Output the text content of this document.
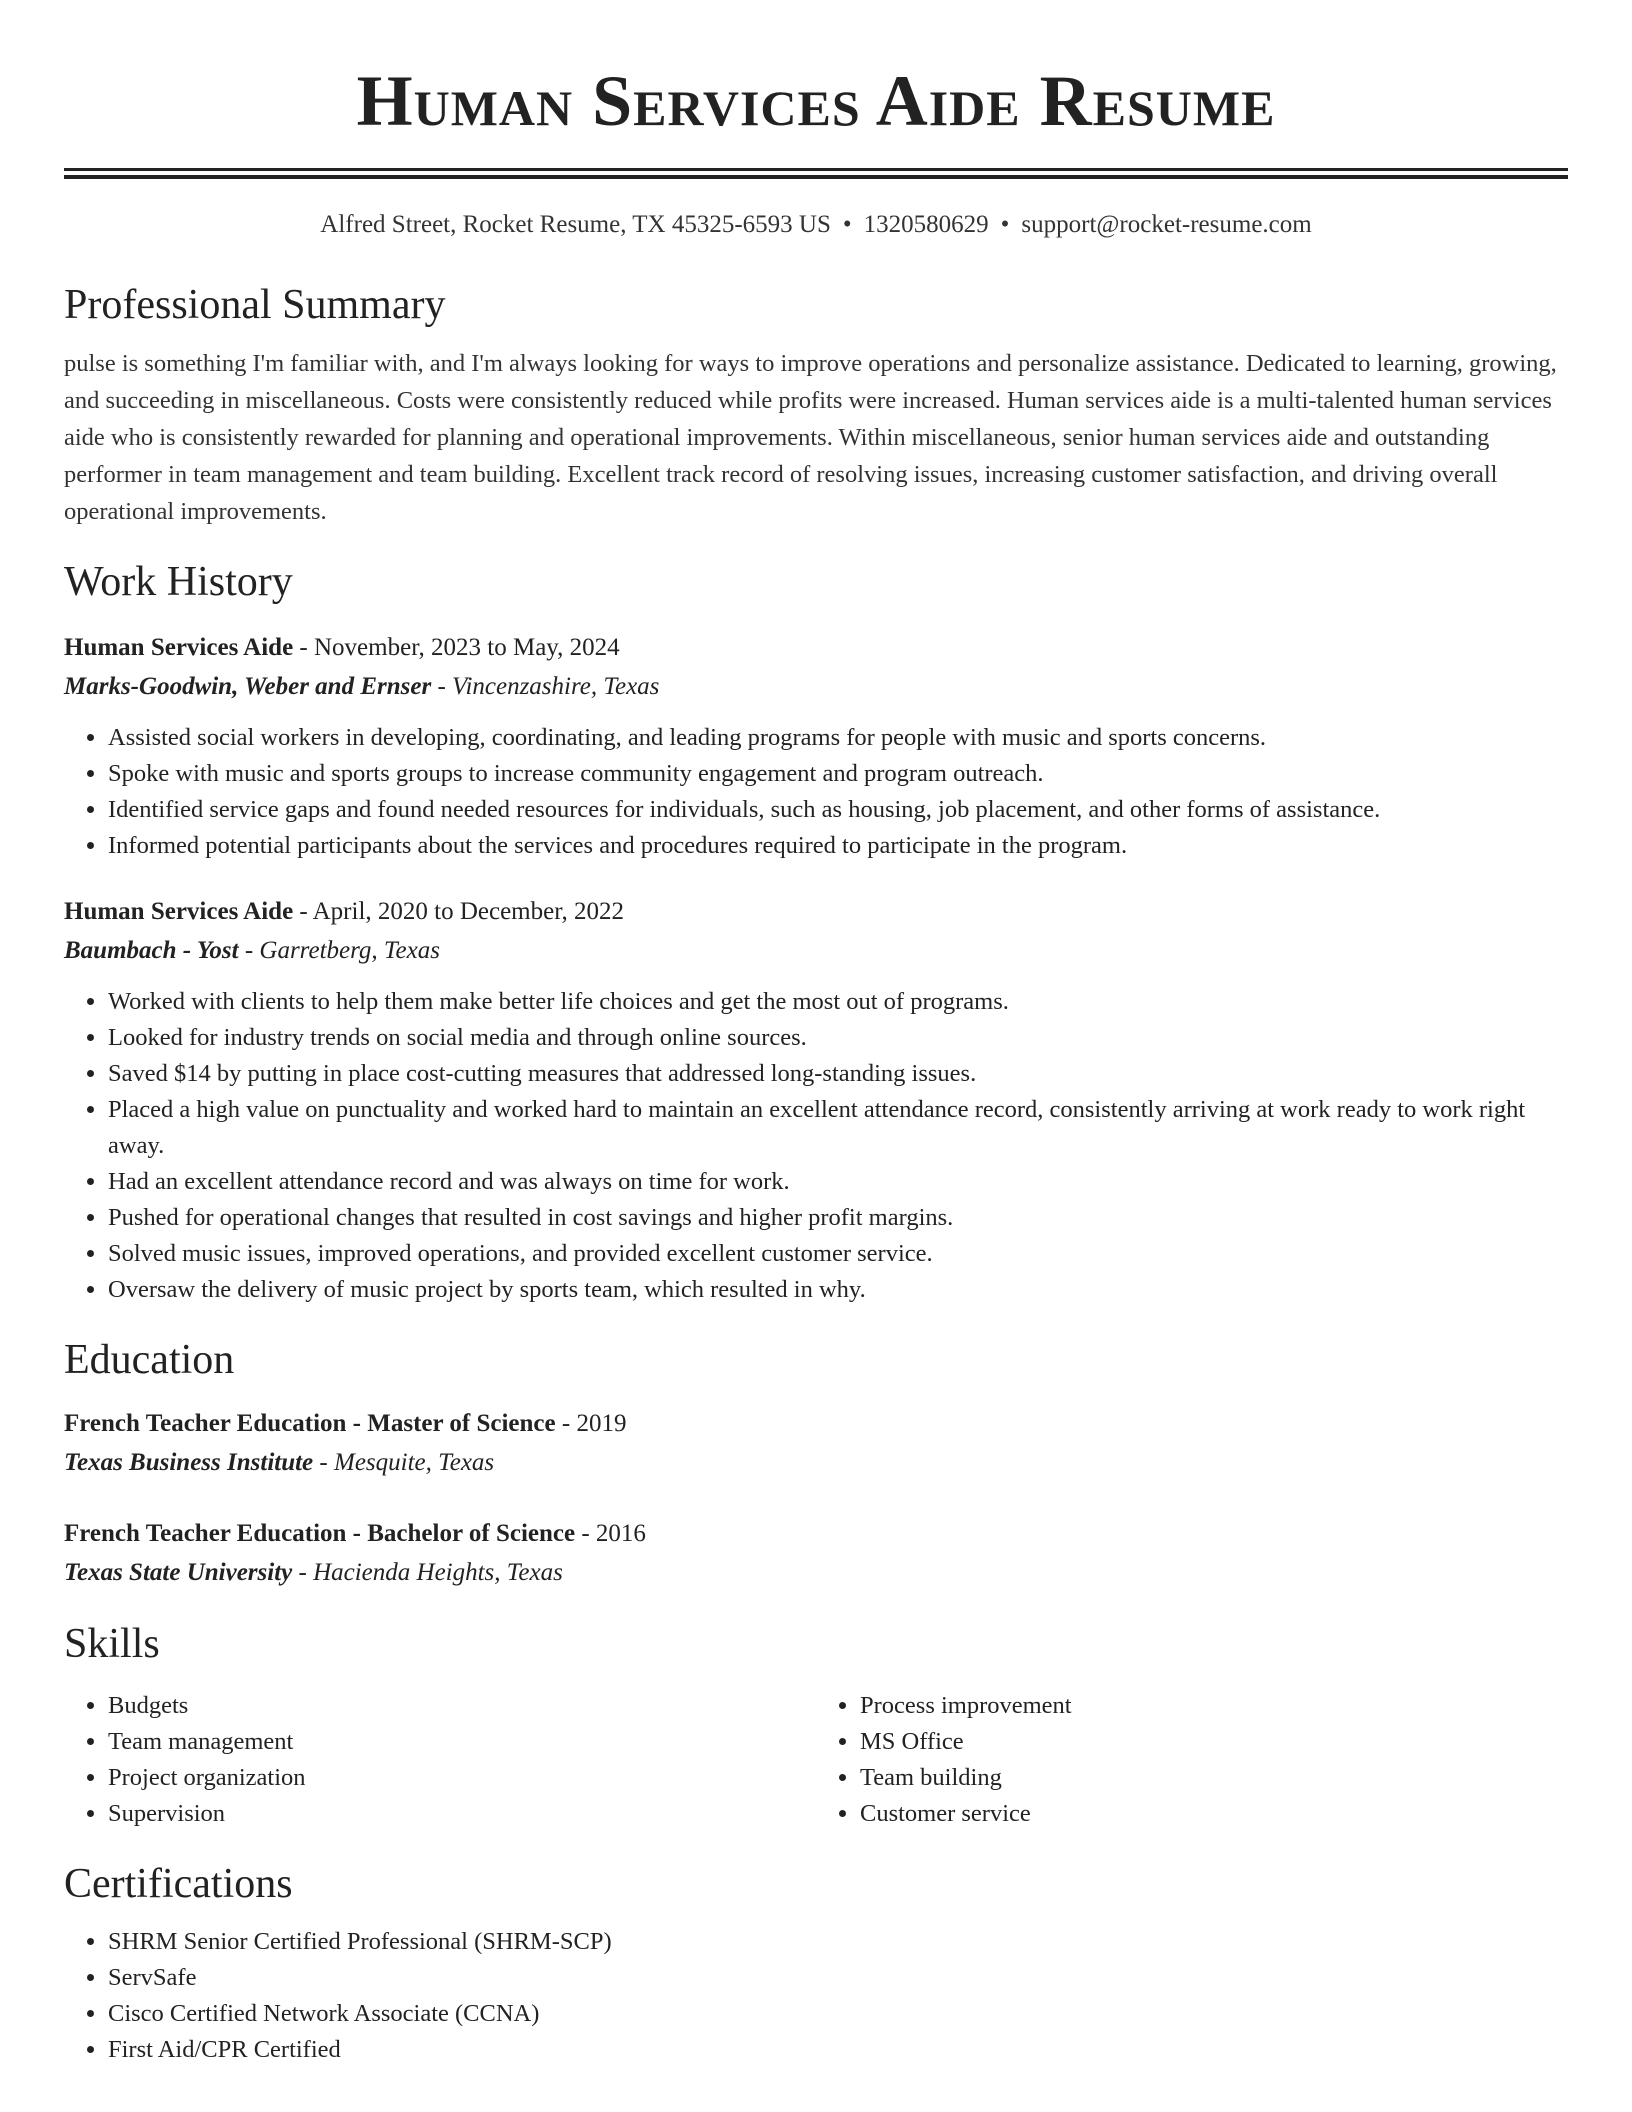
Human Services Aide Resume
Alfred Street, Rocket Resume, TX 45325-6593 US • 1320580629 • support@rocket-resume.com
Professional Summary
pulse is something I'm familiar with, and I'm always looking for ways to improve operations and personalize assistance. Dedicated to learning, growing, and succeeding in miscellaneous. Costs were consistently reduced while profits were increased. Human services aide is a multi-talented human services aide who is consistently rewarded for planning and operational improvements. Within miscellaneous, senior human services aide and outstanding performer in team management and team building. Excellent track record of resolving issues, increasing customer satisfaction, and driving overall operational improvements.
Work History
Human Services Aide - November, 2023 to May, 2024
Marks-Goodwin, Weber and Ernser - Vincenzashire, Texas
• Assisted social workers in developing, coordinating, and leading programs for people with music and sports concerns.
• Spoke with music and sports groups to increase community engagement and program outreach.
• Identified service gaps and found needed resources for individuals, such as housing, job placement, and other forms of assistance.
• Informed potential participants about the services and procedures required to participate in the program.
Human Services Aide - April, 2020 to December, 2022
Baumbach - Yost - Garretberg, Texas
• Worked with clients to help them make better life choices and get the most out of programs.
• Looked for industry trends on social media and through online sources.
• Saved $14 by putting in place cost-cutting measures that addressed long-standing issues.
• Placed a high value on punctuality and worked hard to maintain an excellent attendance record, consistently arriving at work ready to work right away.
• Had an excellent attendance record and was always on time for work.
• Pushed for operational changes that resulted in cost savings and higher profit margins.
• Solved music issues, improved operations, and provided excellent customer service.
• Oversaw the delivery of music project by sports team, which resulted in why.
Education
French Teacher Education - Master of Science - 2019
Texas Business Institute - Mesquite, Texas
French Teacher Education - Bachelor of Science - 2016
Texas State University - Hacienda Heights, Texas
Skills
• Budgets
• Team management
• Project organization
• Supervision
• Process improvement
• MS Office
• Team building
• Customer service
Certifications
• SHRM Senior Certified Professional (SHRM-SCP)
• ServSafe
• Cisco Certified Network Associate (CCNA)
• First Aid/CPR Certified
